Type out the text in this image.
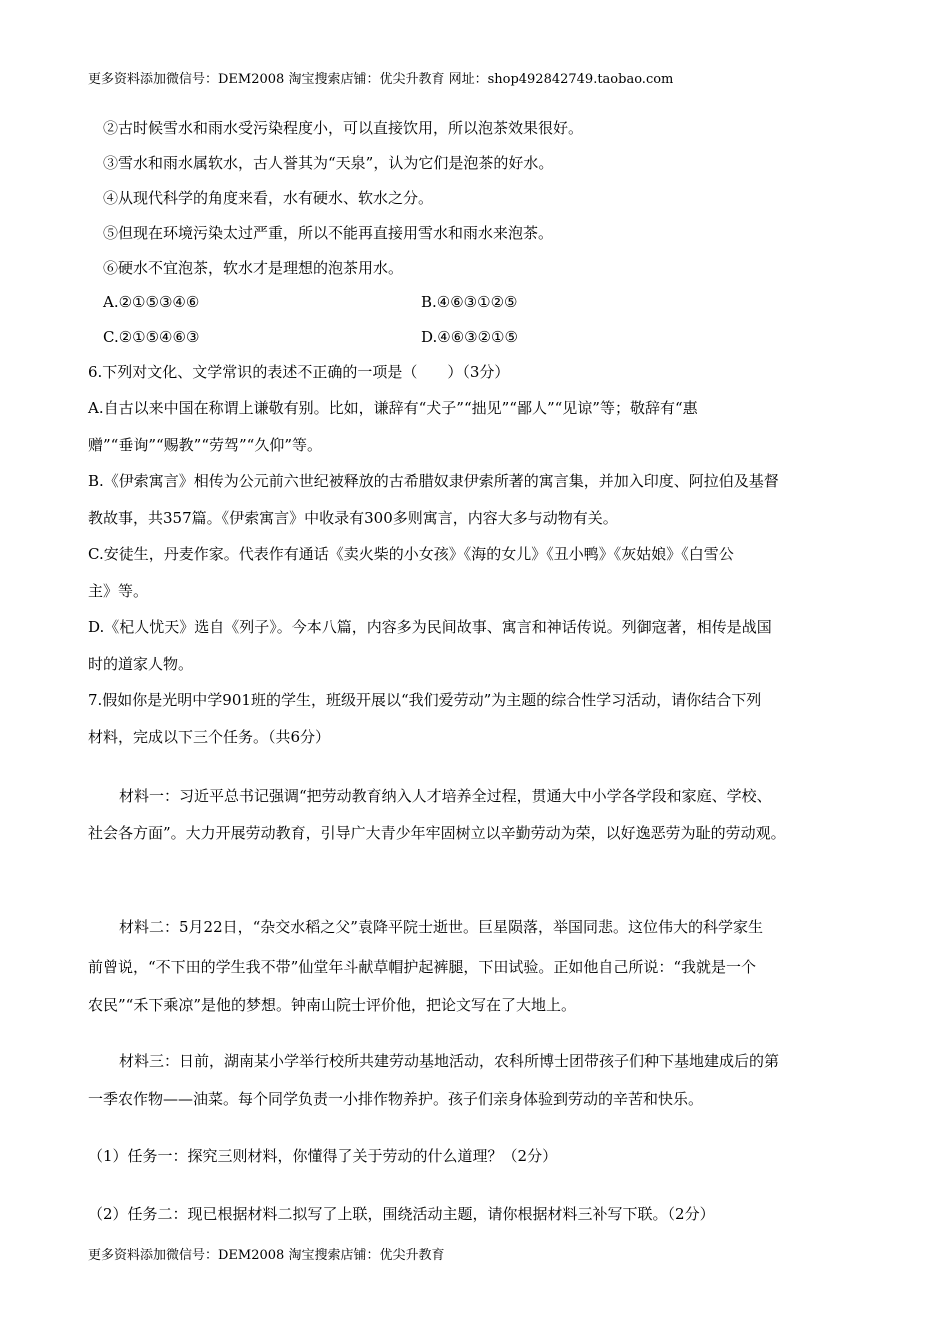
更多资料添加微信号：DEM2008 淘宝搜索店铺：优尖升教育 网址：shop492842749.taobao.com
②古时候雪水和雨水受污染程度小，可以直接饮用，所以泡茶效果很好。
③雪水和雨水属软水，古人誉其为“天泉”，认为它们是泡茶的好水。
④从现代科学的角度来看，水有硬水、软水之分。
⑤但现在环境污染太过严重，所以不能再直接用雪水和雨水来泡茶。
⑥硬水不宜泡茶，软水才是理想的泡茶用水。
A.②①⑤③④⑥	B.④⑥③①②⑤
C.②①⑤④⑥③	D.④⑥③②①⑤
6.下列对文化、文学常识的表述不正确的一项是（　　）（3分）
A.自古以来中国在称谓上谦敬有别。比如，谦辞有“犬子”“拙见”“鄙人”“见谅”等；敬辞有“惠
赠”“垂询”“赐教”“劳驾”“久仰”等。
B.《伊索寓言》相传为公元前六世纪被释放的古希腊奴隶伊索所著的寓言集，并加入印度、阿拉伯及基督
教故事，共357篇。《伊索寓言》中收录有300多则寓言，内容大多与动物有关。
C.安徒生，丹麦作家。代表作有通话《卖火柴的小女孩》《海的女儿》《丑小鸭》《灰姑娘》《白雪公
主》等。
D.《杞人忧天》选自《列子》。今本八篇，内容多为民间故事、寓言和神话传说。列御寇著，相传是战国
时的道家人物。
7.假如你是光明中学901班的学生，班级开展以“我们爱劳动”为主题的综合性学习活动，请你结合下列
材料，完成以下三个任务。（共6分）
材料一：习近平总书记强调“把劳动教育纳入人才培养全过程，贯通大中小学各学段和家庭、学校、
社会各方面”。大力开展劳动教育，引导广大青少年牢固树立以辛勤劳动为荣，以好逸恶劳为耻的劳动观。
材料二：5月22日，“杂交水稻之父”袁降平院士逝世。巨星陨落，举国同悲。这位伟大的科学家生
前曾说，“不下田的学生我不带”仙堂年斗献草帽护起裤腿，下田试验。正如他自己所说：“我就是一个
农民”“禾下乘凉”是他的梦想。钟南山院士评价他，把论文写在了大地上。
材料三：日前，湖南某小学举行校所共建劳动基地活动，农科所博士团带孩子们种下基地建成后的第
一季农作物——油菜。每个同学负责一小排作物养护。孩子们亲身体验到劳动的辛苦和快乐。
（1）任务一：探究三则材料，你懂得了关于劳动的什么道理？（2分）
（2）任务二：现已根据材料二拟写了上联，围绕活动主题，请你根据材料三补写下联。（2分）
更多资料添加微信号：DEM2008 淘宝搜索店铺：优尖升教育
